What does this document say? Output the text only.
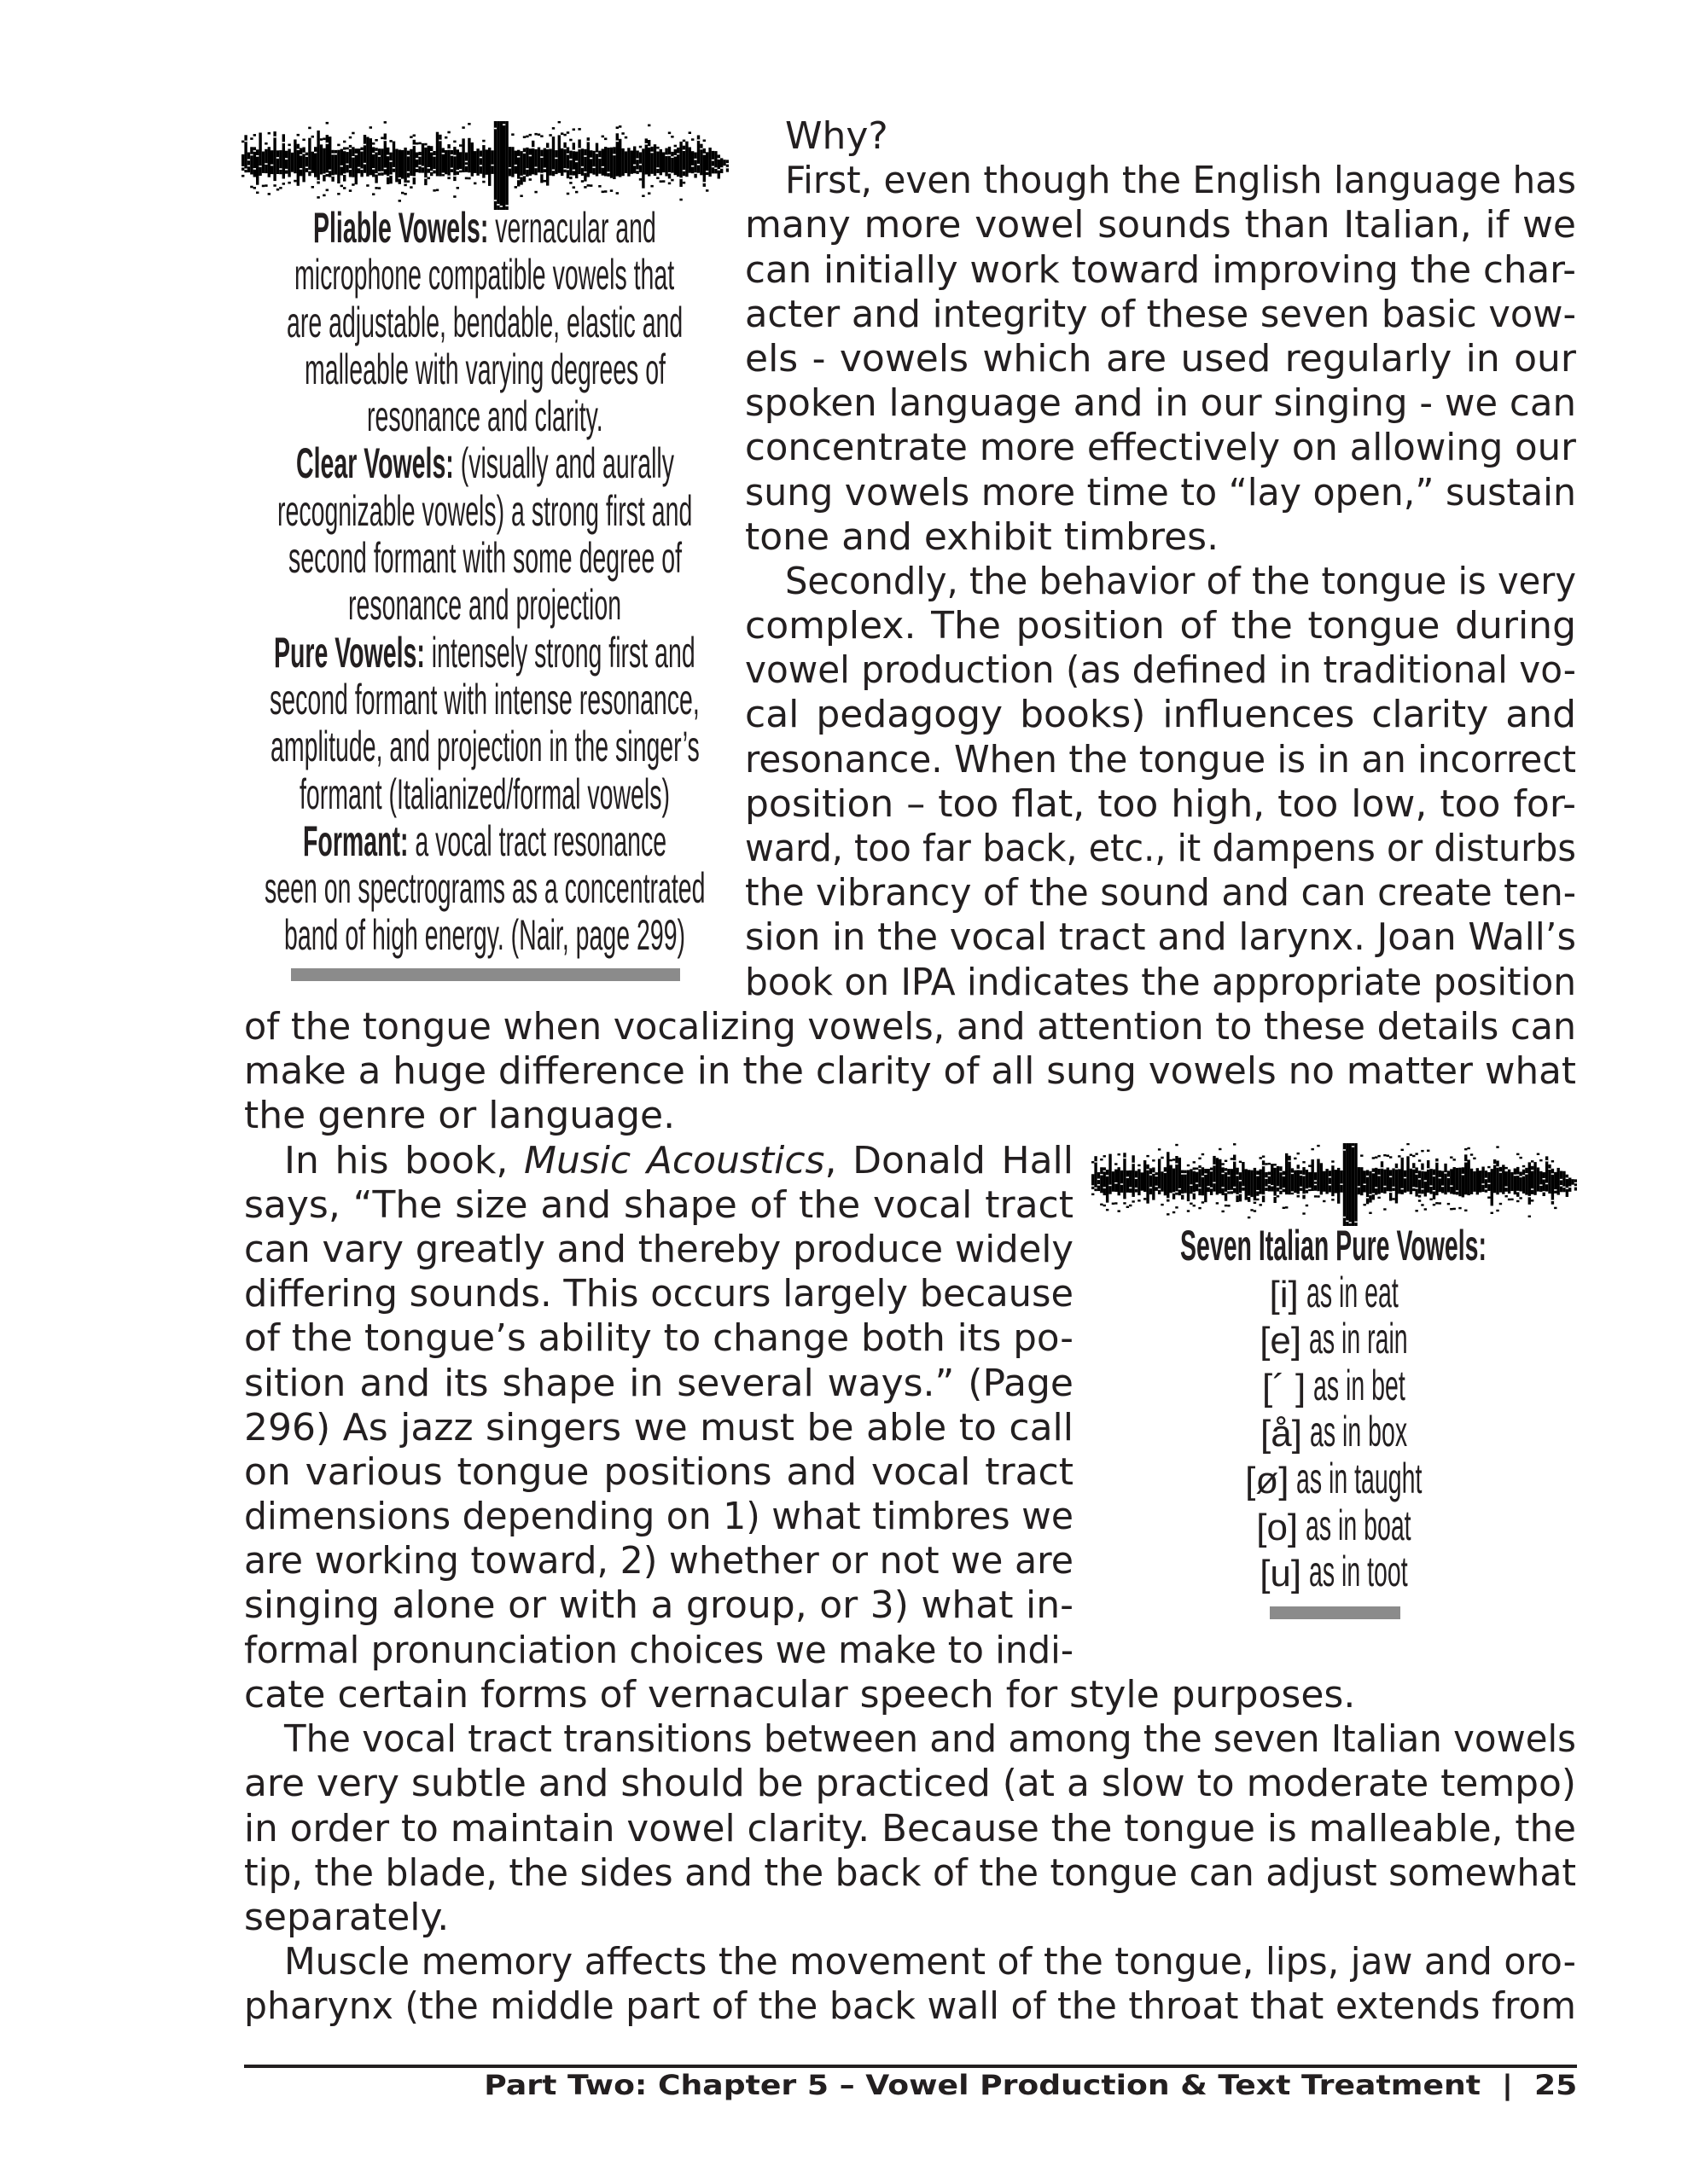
Pliable Vowels: vernacular and
microphone compatible vowels that
are adjustable, bendable, elastic and
malleable with varying degrees of
resonance and clarity.
Clear Vowels: (visually and aurally
recognizable vowels) a strong first and
second formant with some degree of
resonance and projection
Pure Vowels: intensely strong first and
second formant with intense resonance,
amplitude, and projection in the singer’s
formant (Italianized/formal vowels)
Formant: a vocal tract resonance
seen on spectrograms as a concentrated
band of high energy. (Nair, page 299)
Seven Italian Pure Vowels:
[i] as in eat
[e] as in rain
[´ ] as in bet
[å] as in box
[ø] as in taught
[o] as in boat
[u] as in toot
Why?
First, even though the English language has
many more vowel sounds than Italian, if we
can initially work toward improving the char-
acter and integrity of these seven basic vow-
els - vowels which are used regularly in our
spoken language and in our singing - we can
concentrate more effectively on allowing our
sung vowels more time to “lay open,” sustain
tone and exhibit timbres.
Secondly, the behavior of the tongue is very
complex. The position of the tongue during
vowel production (as defined in traditional vo-
cal pedagogy books) influences clarity and
resonance. When the tongue is in an incorrect
position – too flat, too high, too low, too for-
ward, too far back, etc., it dampens or disturbs
the vibrancy of the sound and can create ten-
sion in the vocal tract and larynx. Joan Wall’s
book on IPA indicates the appropriate position
of the tongue when vocalizing vowels, and attention to these details can
make a huge difference in the clarity of all sung vowels no matter what
the genre or language.
In his book, Music Acoustics, Donald Hall
says, “The size and shape of the vocal tract
can vary greatly and thereby produce widely
differing sounds. This occurs largely because
of the tongue’s ability to change both its po-
sition and its shape in several ways.” (Page
296) As jazz singers we must be able to call
on various tongue positions and vocal tract
dimensions depending on 1) what timbres we
are working toward, 2) whether or not we are
singing alone or with a group, or 3) what in-
formal pronunciation choices we make to indi-
cate certain forms of vernacular speech for style purposes.
The vocal tract transitions between and among the seven Italian vowels
are very subtle and should be practiced (at a slow to moderate tempo)
in order to maintain vowel clarity. Because the tongue is malleable, the
tip, the blade, the sides and the back of the tongue can adjust somewhat
separately.
Muscle memory affects the movement of the tongue, lips, jaw and oro-
pharynx (the middle part of the back wall of the throat that extends from
Part Two: Chapter 5 – Vowel Production & Text Treatment | 25
